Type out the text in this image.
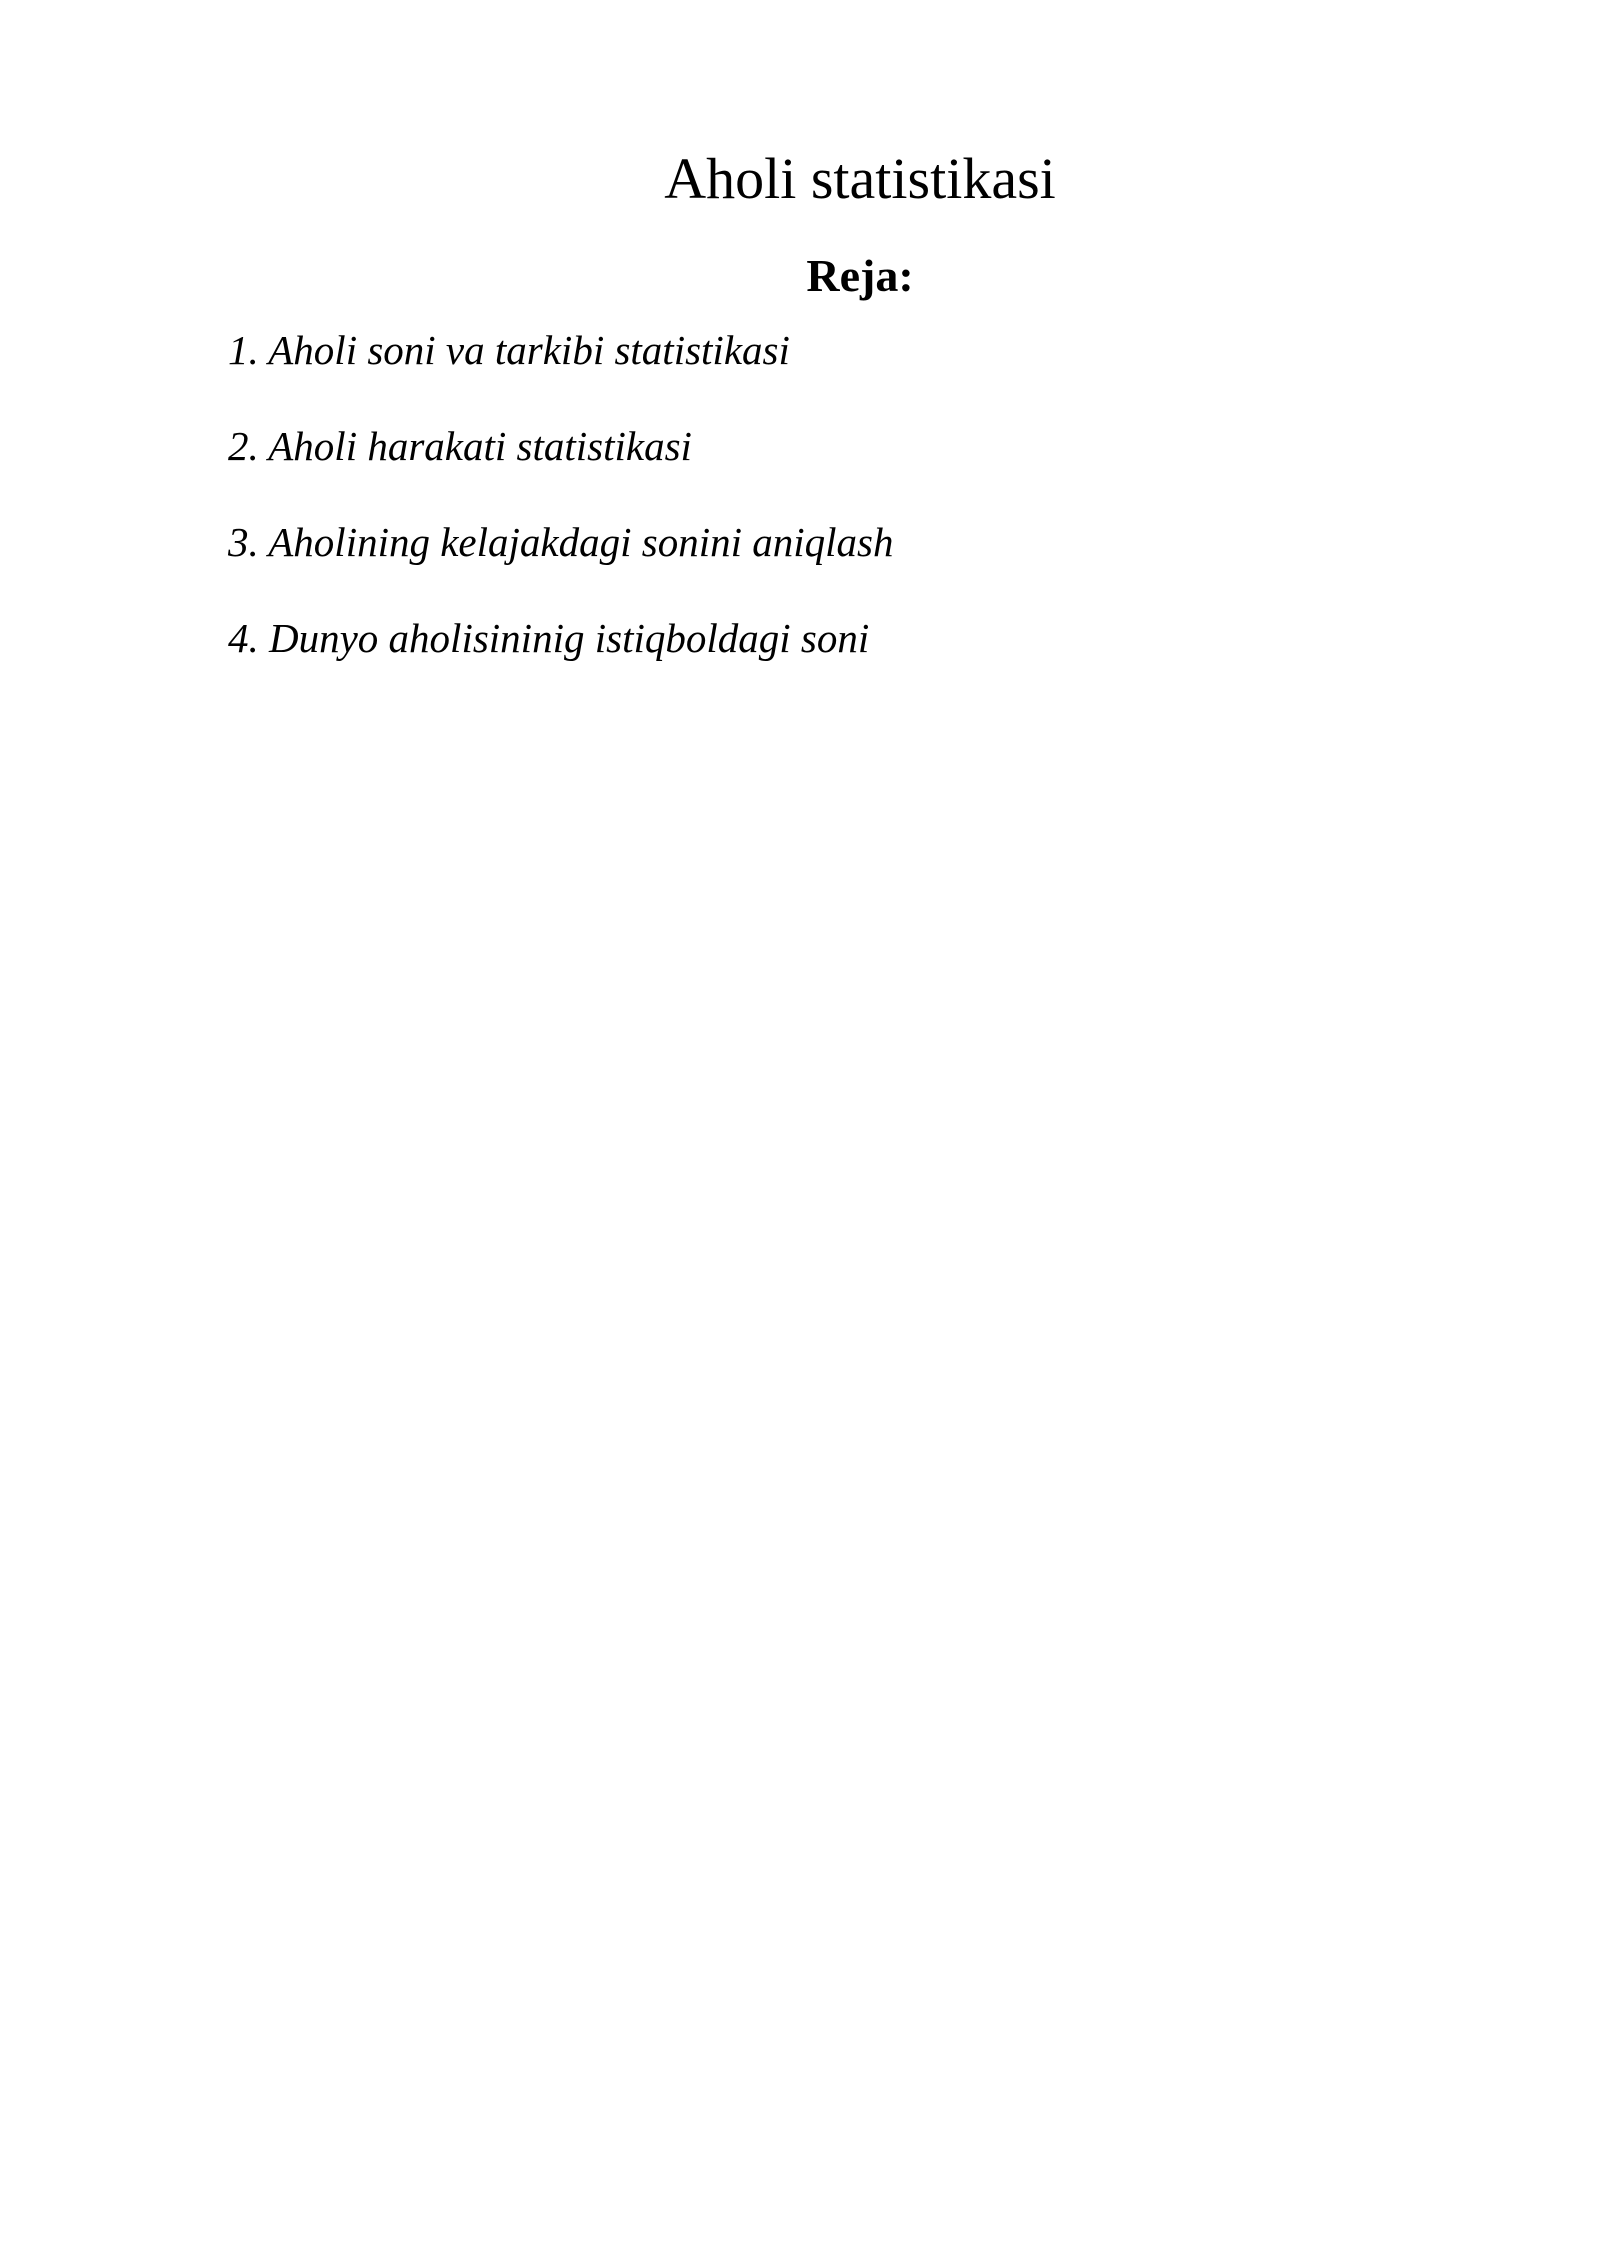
Aholi statistikasi
Reja:
1. Aholi soni va tarkibi statistikasi
2. Aholi harakati statistikasi
3. Aholining kelajakdagi sonini aniqlash
4. Dunyo aholisininig istiqboldagi soni
